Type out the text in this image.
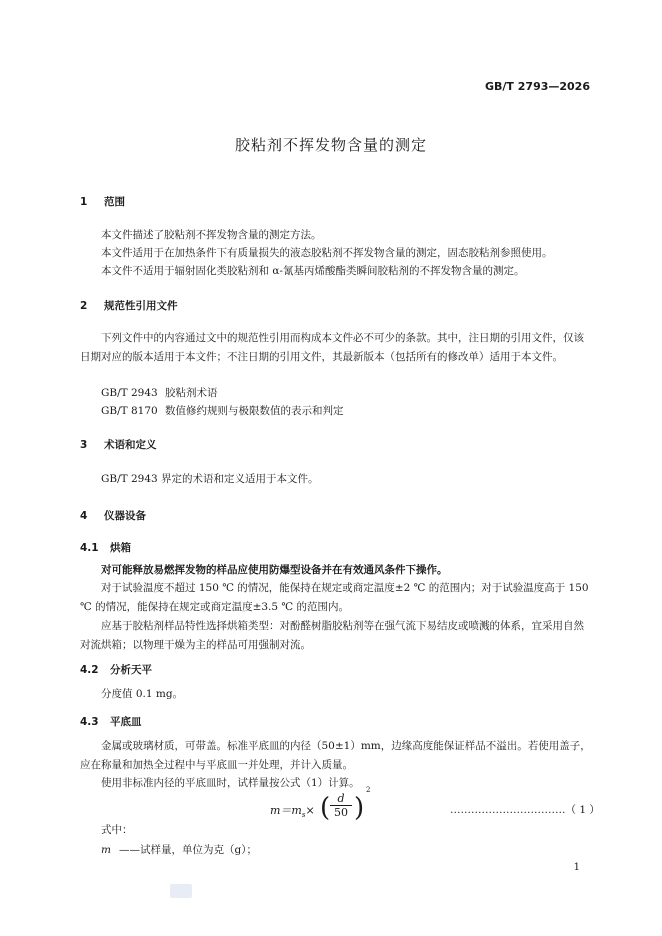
GB/T 2793—2026
胶粘剂不挥发物含量的测定
1 范围
本文件描述了胶粘剂不挥发物含量的测定方法。
本文件适用于在加热条件下有质量损失的液态胶粘剂不挥发物含量的测定，固态胶粘剂参照使用。
本文件不适用于辐射固化类胶粘剂和 α-氰基丙烯酸酯类瞬间胶粘剂的不挥发物含量的测定。
2 规范性引用文件
下列文件中的内容通过文中的规范性引用而构成本文件必不可少的条款。其中，注日期的引用文件，仅该日期对应的版本适用于本文件；不注日期的引用文件，其最新版本（包括所有的修改单）适用于本文件。
GB/T 2943 胶粘剂术语
GB/T 8170 数值修约规则与极限数值的表示和判定
3 术语和定义
GB/T 2943 界定的术语和定义适用于本文件。
4 仪器设备
4.1 烘箱
对可能释放易燃挥发物的样品应使用防爆型设备并在有效通风条件下操作。
对于试验温度不超过 150 ℃ 的情况，能保持在规定或商定温度±2 ℃ 的范围内；对于试验温度高于 150 ℃ 的情况，能保持在规定或商定温度±3.5 ℃ 的范围内。
应基于胶粘剂样品特性选择烘箱类型：对酚醛树脂胶粘剂等在强气流下易结皮或喷溅的体系，宜采用自然对流烘箱；以物理干燥为主的样品可用强制对流。
4.2 分析天平
分度值 0.1 mg。
4.3 平底皿
金属或玻璃材质，可带盖。标准平底皿的内径（50±1）mm，边缘高度能保证样品不溢出。若使用盖子，应在称量和加热全过程中与平底皿一并处理，并计入质量。
使用非标准内径的平底皿时，试样量按公式（1）计算。
$m=m_s\times$ ( $\frac{d}{50}$ )
2
……………………………（ 1 ）
式中：
m ——试样量，单位为克（g）；
1
